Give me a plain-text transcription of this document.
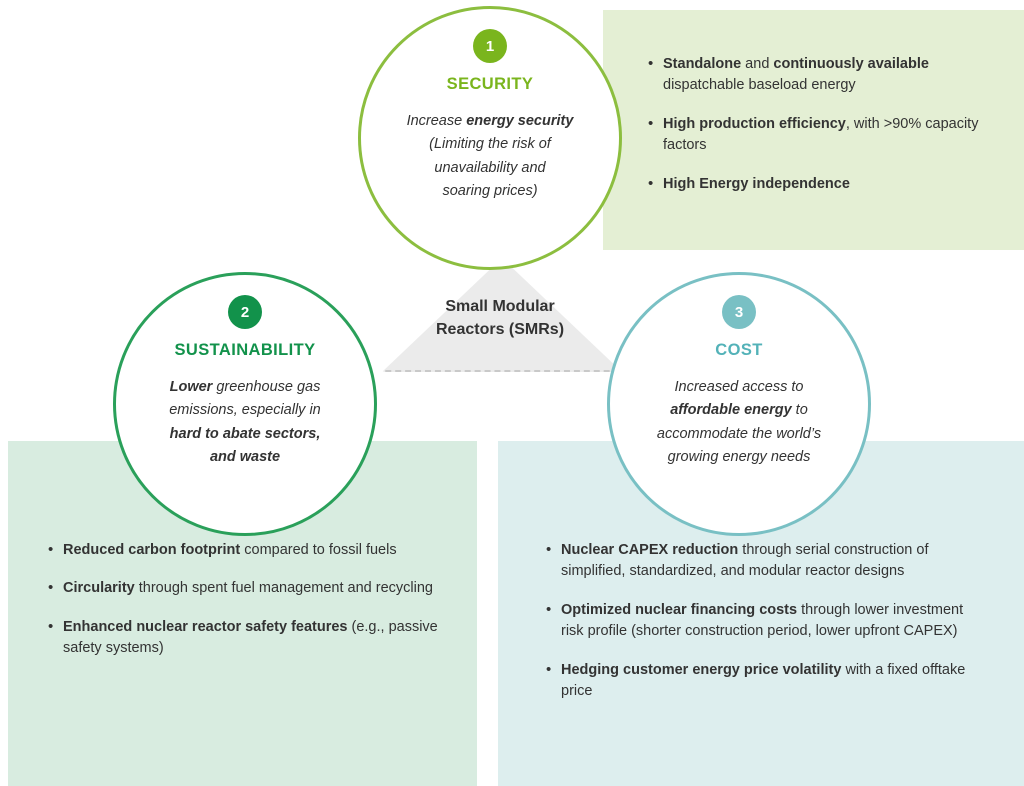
Small Modular
Reactors (SMRs)
1
SECURITY
Increase energy security
(Limiting the risk of
unavailability and
soaring prices)
2
SUSTAINABILITY
Lower greenhouse gas
emissions, especially in
hard to abate sectors,
and waste
3
COST
Increased access to
affordable energy to
accommodate the world’s
growing energy needs
• Standalone and continuously available dispatchable baseload energy
• High production efficiency, with >90% capacity factors
• High Energy independence
• Reduced carbon footprint compared to fossil fuels
• Circularity through spent fuel management and recycling
• Enhanced nuclear reactor safety features (e.g., passive safety systems)
• Nuclear CAPEX reduction through serial construction of simplified, standardized, and modular reactor designs
• Optimized nuclear financing costs through lower investment risk profile (shorter construction period, lower upfront CAPEX)
• Hedging customer energy price volatility with a fixed offtake price
